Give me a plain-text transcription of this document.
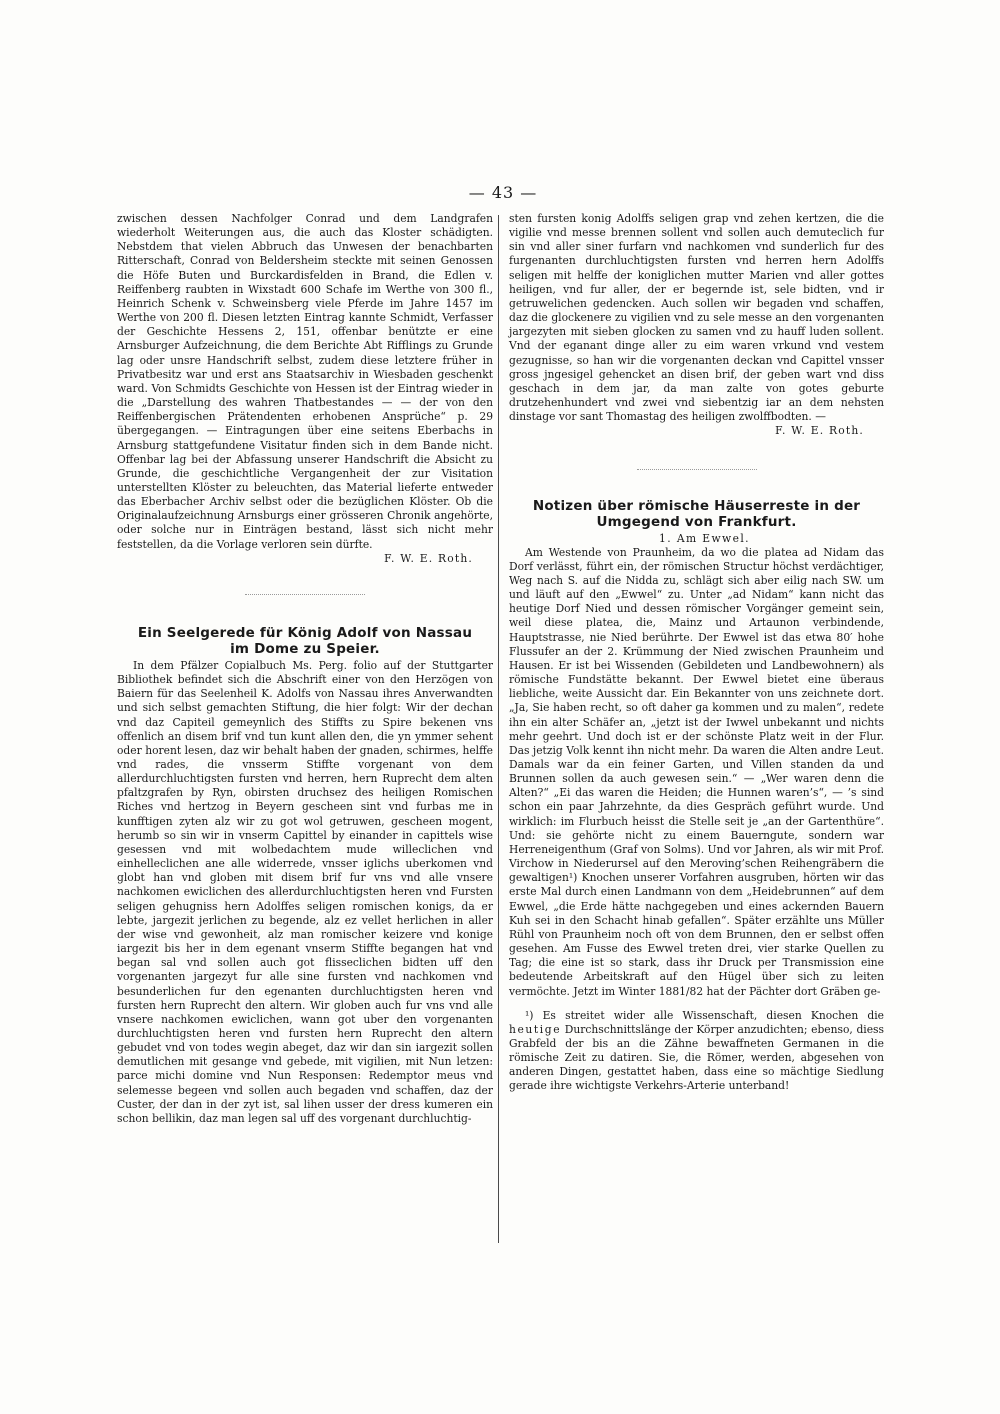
— 43 —

zwischen dessen Nachfolger Conrad und dem Landgrafen wiederholt Weiterungen aus, die auch das Kloster schädigten. Nebstdem that vielen Abbruch das Unwesen der benachbarten Ritterschaft, Conrad von Beldersheim steckte mit seinen Genossen die Höfe Buten und Burckardisfelden in Brand, die Edlen v. Reiffenberg raubten in Wixstadt 600 Schafe im Werthe von 300 fl., Heinrich Schenk v. Schweinsberg viele Pferde im Jahre 1457 im Werthe von 200 fl. Diesen letzten Eintrag kannte Schmidt, Verfasser der Geschichte Hessens 2, 151, offenbar benützte er eine Arnsburger Aufzeichnung, die dem Berichte Abt Rifflings zu Grunde lag oder unsre Handschrift selbst, zudem diese letztere früher in Privatbesitz war und erst ans Staatsarchiv in Wiesbaden geschenkt ward. Von Schmidts Geschichte von Hessen ist der Eintrag wieder in die „Darstellung des wahren Thatbestandes — — der von den Reiffenbergischen Prätendenten erhobenen Ansprüche“ p. 29 übergegangen. — Eintragungen über eine seitens Eberbachs in Arnsburg stattgefundene Visitatur finden sich in dem Bande nicht. Offenbar lag bei der Abfassung unserer Handschrift die Absicht zu Grunde, die geschichtliche Vergangenheit der zur Visitation unterstellten Klöster zu beleuchten, das Material lieferte entweder das Eberbacher Archiv selbst oder die bezüglichen Klöster. Ob die Originalaufzeichnung Arnsburgs einer grösseren Chronik angehörte, oder solche nur in Einträgen bestand, lässt sich nicht mehr feststellen, da die Vorlage verloren sein dürfte.

F. W. E. Roth.

Ein Seelgerede für König Adolf von Nassau
im Dome zu Speier.

In dem Pfälzer Copialbuch Ms. Perg. folio auf der Stuttgarter Bibliothek befindet sich die Abschrift einer von den Herzögen von Baiern für das Seelenheil K. Adolfs von Nassau ihres Anverwandten und sich selbst gemachten Stiftung, die hier folgt: Wir der dechan vnd daz Capiteil gemeynlich des Stiffts zu Spire bekenen vns offenlich an disem brif vnd tun kunt allen den, die yn ymmer sehent oder horent lesen, daz wir behalt haben der gnaden, schirmes, helffe vnd rades, die vnsserm Stiffte vorgenant von dem allerdurchluchtigsten fursten vnd herren, hern Ruprecht dem alten pfaltzgrafen by Ryn, obirsten druchsez des heiligen Romischen Riches vnd hertzog in Beyern gescheen sint vnd furbas me in kunfftigen zyten alz wir zu got wol getruwen, gescheen mogent, herumb so sin wir in vnserm Capittel by einander in capittels wise gesessen vnd mit wolbedachtem mude willeclichen vnd einhelleclichen ane alle widerrede, vnsser iglichs uberkomen vnd globt han vnd globen mit disem brif fur vns vnd alle vnsere nachkomen ewiclichen des allerdurchluchtigsten heren vnd Fursten seligen gehugniss hern Adolffes seligen romischen konigs, da er lebte, jargezit jerlichen zu begende, alz ez vellet herlichen in aller der wise vnd gewonheit, alz man romischer keizere vnd konige iargezit bis her in dem egenant vnserm Stiffte begangen hat vnd began sal vnd sollen auch got flisseclichen bidten uff den vorgenanten jargezyt fur alle sine fursten vnd nachkomen vnd besunderlichen fur den egenanten durchluchtigsten heren vnd fursten hern Ruprecht den altern. Wir globen auch fur vns vnd alle vnsere nachkomen ewiclichen, wann got uber den vorgenanten durchluchtigsten heren vnd fursten hern Ruprecht den altern gebudet vnd von todes wegin abeget, daz wir dan sin iargezit sollen demutlichen mit gesange vnd gebede, mit vigilien, mit Nun letzen: parce michi domine vnd Nun Responsen: Redemptor meus vnd selemesse begeen vnd sollen auch begaden vnd schaffen, daz der Custer, der dan in der zyt ist, sal lihen usser der dress kumeren ein schon bellikin, daz man legen sal uff des vorgenant durchluchtig-

sten fursten konig Adolffs seligen grap vnd zehen kertzen, die die vigilie vnd messe brennen sollent vnd sollen auch demuteclich fur sin vnd aller siner furfarn vnd nachkomen vnd sunderlich fur des furgenanten durchluchtigsten fursten vnd herren hern Adolffs seligen mit helffe der koniglichen mutter Marien vnd aller gottes heiligen, vnd fur aller, der er begernde ist, sele bidten, vnd ir getruwelichen gedencken. Auch sollen wir begaden vnd schaffen, daz die glockenere zu vigilien vnd zu sele messe an den vorgenanten jargezyten mit sieben glocken zu samen vnd zu hauff luden sollent. Vnd der eganant dinge aller zu eim waren vrkund vnd vestem gezugnisse, so han wir die vorgenanten deckan vnd Capittel vnsser gross jngesigel gehencket an disen brif, der geben wart vnd diss geschach in dem jar, da man zalte von gotes geburte drutzehenhundert vnd zwei vnd siebentzig iar an dem nehsten dinstage vor sant Thomastag des heiligen zwolffbodten. —

F. W. E. Roth.

Notizen über römische Häuserreste in der
Umgegend von Frankfurt.

1. Am Ewwel.

Am Westende von Praunheim, da wo die platea ad Nidam das Dorf verlässt, führt ein, der römischen Structur höchst verdächtiger, Weg nach S. auf die Nidda zu, schlägt sich aber eilig nach SW. um und läuft auf den „Ewwel“ zu. Unter „ad Nidam“ kann nicht das heutige Dorf Nied und dessen römischer Vorgänger gemeint sein, weil diese platea, die, Mainz und Artaunon verbindende, Hauptstrasse, nie Nied berührte. Der Ewwel ist das etwa 80′ hohe Flussufer an der 2. Krümmung der Nied zwischen Praunheim und Hausen. Er ist bei Wissenden (Gebildeten und Landbewohnern) als römische Fundstätte bekannt. Der Ewwel bietet eine überaus liebliche, weite Aussicht dar. Ein Bekannter von uns zeichnete dort. „Ja, Sie haben recht, so oft daher ga kommen und zu malen“, redete ihn ein alter Schäfer an, „jetzt ist der Iwwel unbekannt und nichts mehr geehrt. Und doch ist er der schönste Platz weit in der Flur. Das jetzig Volk kennt ihn nicht mehr. Da waren die Alten andre Leut. Damals war da ein feiner Garten, und Villen standen da und Brunnen sollen da auch gewesen sein.“ — „Wer waren denn die Alten?“ „Ei das waren die Heiden; die Hunnen waren’s“, — ’s sind schon ein paar Jahrzehnte, da dies Gespräch geführt wurde. Und wirklich: im Flurbuch heisst die Stelle seit je „an der Gartenthüre“. Und: sie gehörte nicht zu einem Bauerngute, sondern war Herreneigenthum (Graf von Solms). Und vor Jahren, als wir mit Prof. Virchow in Niederursel auf den Meroving’schen Reihengräbern die gewaltigen¹) Knochen unserer Vorfahren ausgruben, hörten wir das erste Mal durch einen Landmann von dem „Heidebrunnen“ auf dem Ewwel, „die Erde hätte nachgegeben und eines ackernden Bauern Kuh sei in den Schacht hinab gefallen“. Später erzählte uns Müller Rühl von Praunheim noch oft von dem Brunnen, den er selbst offen gesehen. Am Fusse des Ewwel treten drei, vier starke Quellen zu Tag; die eine ist so stark, dass ihr Druck per Transmission eine bedeutende Arbeitskraft auf den Hügel über sich zu leiten vermöchte. Jetzt im Winter 1881/82 hat der Pächter dort Gräben ge-

¹) Es streitet wider alle Wissenschaft, diesen Knochen die heutige Durchschnittslänge der Körper anzudichten; ebenso, diess Grabfeld der bis an die Zähne bewaffneten Germanen in die römische Zeit zu datiren. Sie, die Römer, werden, abgesehen von anderen Dingen, gestattet haben, dass eine so mächtige Siedlung gerade ihre wichtigste Verkehrs-Arterie unterband!
